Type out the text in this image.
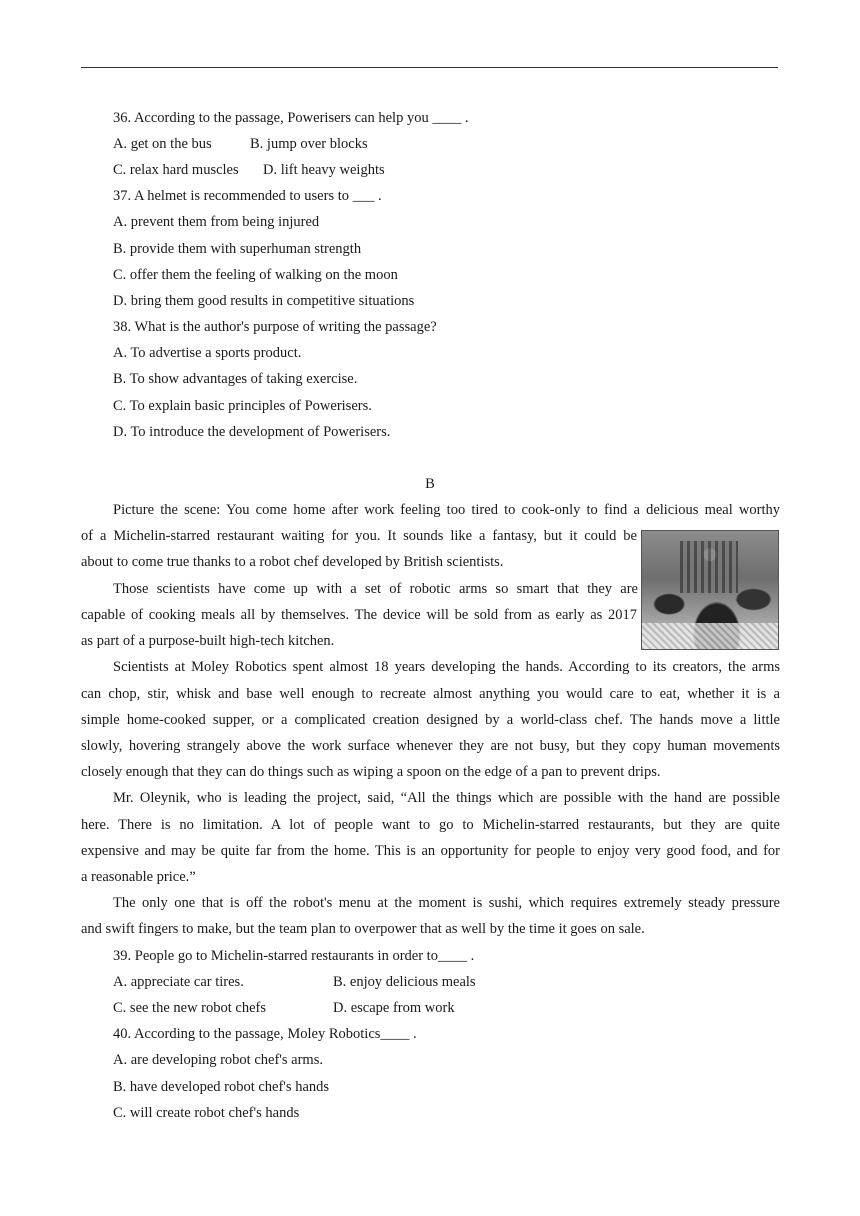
36. According to the passage, Powerisers can help you ____ .
A. get on the bus	B. jump over blocks
C. relax hard muscles D. lift heavy weights
37. A helmet is recommended to users to ___ .
A. prevent them from being injured
B. provide them with superhuman strength
C. offer them the feeling of walking on the moon
D. bring them good results in competitive situations
38. What is the author's purpose of writing the passage?
A. To advertise a sports product.
B. To show advantages of taking exercise.
C. To explain basic principles of Powerisers.
D. To introduce the development of Powerisers.
B
Picture the scene: You come home after work feeling too tired to cook-only to find a delicious meal worthy
of a Michelin-starred restaurant waiting for you. It sounds like a fantasy, but it could be
about to come true thanks to a robot chef developed by British scientists.
Those scientists have come up with a set of robotic arms so smart that they are
capable of cooking meals all by themselves. The device will be sold from as early as 2017
as part of a purpose-built high-tech kitchen.
Scientists at Moley Robotics spent almost 18 years developing the hands. According to its creators, the arms
can chop, stir, whisk and base well enough to recreate almost anything you would care to eat, whether it is a
simple home-cooked supper, or a complicated creation designed by a world-class chef. The hands move a little
slowly, hovering strangely above the work surface whenever they are not busy, but they copy human movements
closely enough that they can do things such as wiping a spoon on the edge of a pan to prevent drips.
Mr. Oleynik, who is leading the project, said, “All the things which are possible with the hand are possible
here. There is no limitation. A lot of people want to go to Michelin-starred restaurants, but they are quite
expensive and may be quite far from the home. This is an opportunity for people to enjoy very good food, and for
a reasonable price.”
The only one that is off the robot's menu at the moment is sushi, which requires extremely steady pressure
and swift fingers to make, but the team plan to overpower that as well by the time it goes on sale.
39. People go to Michelin-starred restaurants in order to____ .
A. appreciate car tires.	B. enjoy delicious meals
C. see the new robot chefs	D. escape from work
40. According to the passage, Moley Robotics____ .
A. are developing robot chef's arms.
B. have developed robot chef's hands
C. will create robot chef's hands
